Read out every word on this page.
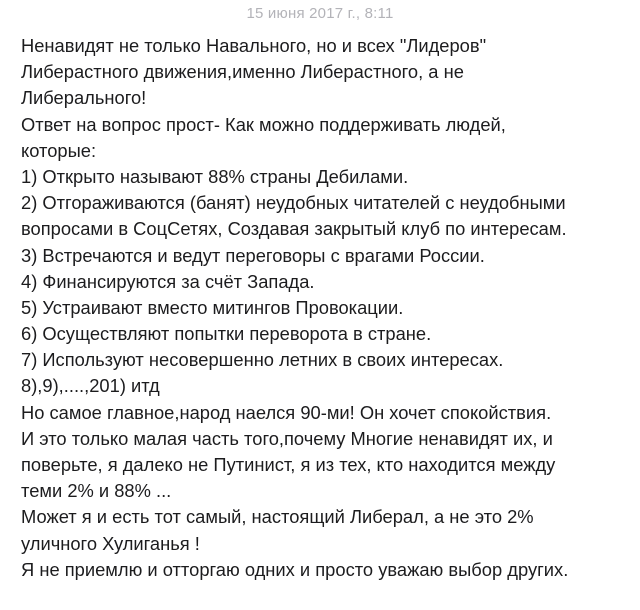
15 июня 2017 г., 8:11
Ненавидят не только Навального, но и всех "Лидеров"
Либерастного движения,именно Либерастного, а не
Либерального!
Ответ на вопрос прост- Как можно поддерживать людей,
которые:
1) Открыто называют 88% страны Дебилами.
2) Отгораживаются (банят) неудобных читателей с неудобными
вопросами в СоцСетях, Создавая закрытый клуб по интересам.
3) Встречаются и ведут переговоры с врагами России.
4) Финансируются за счёт Запада.
5) Устраивают вместо митингов Провокации.
6) Осуществляют попытки переворота в стране.
7) Используют несовершенно летних в своих интересах.
8),9),....,201) итд
Но самое главное,народ наелся 90-ми! Он хочет спокойствия.
И это только малая часть того,почему Многие ненавидят их, и
поверьте, я далеко не Путинист, я из тех, кто находится между
теми 2% и 88% ...
Может я и есть тот самый, настоящий Либерал, а не это 2%
уличного Хулиганья !
Я не приемлю и отторгаю одних и просто уважаю выбор других.
